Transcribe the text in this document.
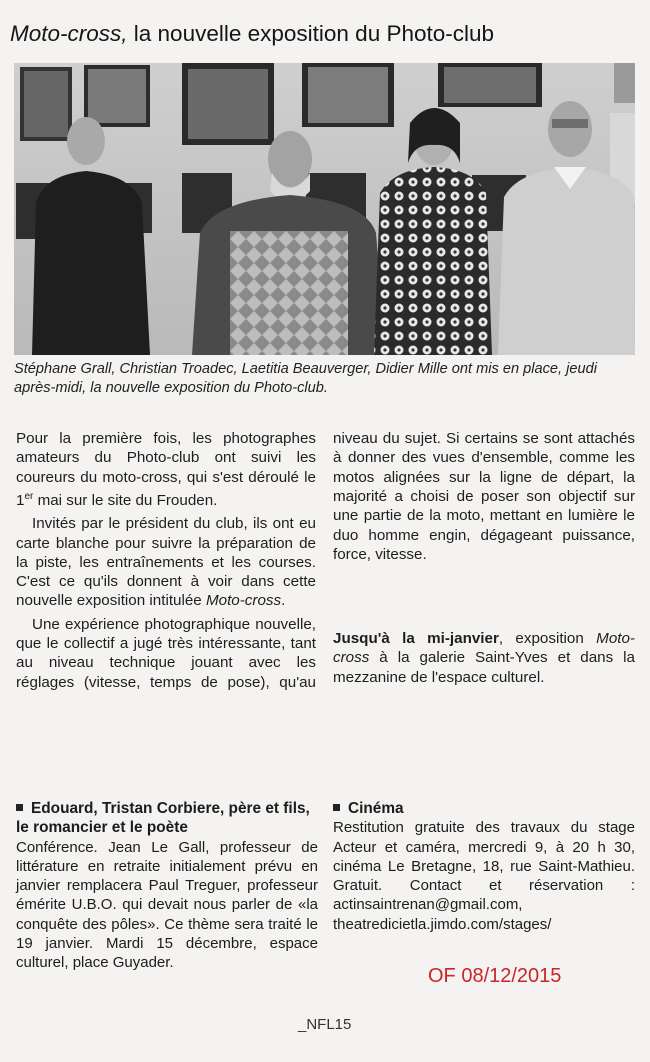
Moto-cross, la nouvelle exposition du Photo-club
Stéphane Grall, Christian Troadec, Laetitia Beauverger, Didier Mille ont mis en place, jeudi après-midi, la nouvelle exposition du Photo-club.

Pour la première fois, les photographes amateurs du Photo-club ont suivi les coureurs du moto-cross, qui s'est déroulé le 1er mai sur le site du Frouden.

Invités par le président du club, ils ont eu carte blanche pour suivre la préparation de la piste, les entraînements et les courses. C'est ce qu'ils donnent à voir dans cette nouvelle exposition intitulée Moto-cross.

Une expérience photographique nouvelle, que le collectif a jugé très intéressante, tant au niveau technique jouant avec les réglages (vitesse, temps de pose), qu'au

niveau du sujet. Si certains se sont attachés à donner des vues d'ensemble, comme les motos alignées sur la ligne de départ, la majorité a choisi de poser son objectif sur une partie de la moto, mettant en lumière le duo homme engin, dégageant puissance, force, vitesse.

Jusqu'à la mi-janvier, exposition Moto-cross à la galerie Saint-Yves et dans la mezzanine de l'espace culturel.

Edouard, Tristan Corbiere, père et fils, le romancier et le poète
Conférence. Jean Le Gall, professeur de littérature en retraite initialement prévu en janvier remplacera Paul Treguer, professeur émérite U.B.O. qui devait nous parler de «la conquête des pôles». Ce thème sera traité le 19 janvier. Mardi 15 décembre, espace culturel, place Guyader.
Cinéma
Restitution gratuite des travaux du stage Acteur et caméra, mercredi 9, à 20 h 30, cinéma Le Bretagne, 18, rue Saint-Mathieu. Gratuit. Contact et réservation : actinsaintrenan@gmail.com, theatredicietla.jimdo.com/stages/
OF 08/12/2015
_NFL15
